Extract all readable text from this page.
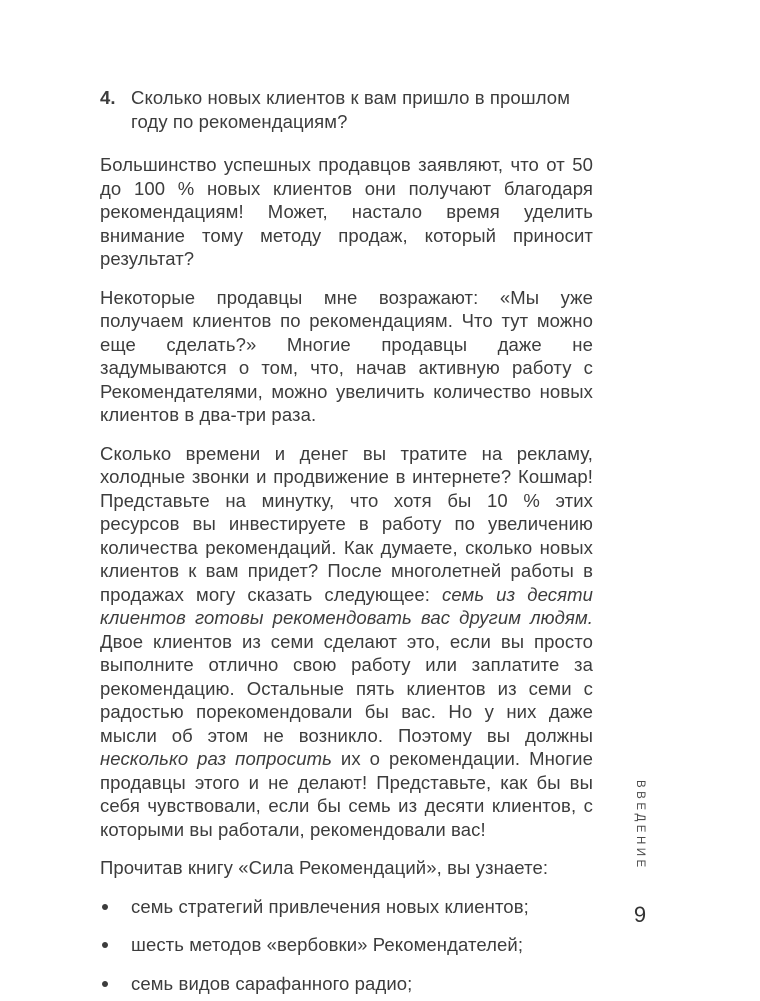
4. Сколько новых клиентов к вам пришло в прошлом году по рекомендациям?

Большинство успешных продавцов заявляют, что от 50 до 100 % новых клиентов они получают благодаря рекомендациям! Может, настало время уделить внимание тому методу продаж, который приносит результат?

Некоторые продавцы мне возражают: «Мы уже получаем клиентов по рекомендациям. Что тут можно еще сделать?» Многие продавцы даже не задумываются о том, что, начав активную работу с Рекомендателями, можно увеличить количество новых клиентов в два-три раза.

Сколько времени и денег вы тратите на рекламу, холодные звонки и продвижение в интернете? Кошмар! Представьте на минутку, что хотя бы 10 % этих ресурсов вы инвестируете в работу по увеличению количества рекомендаций. Как думаете, сколько новых клиентов к вам придет? После многолетней работы в продажах могу сказать следующее: семь из десяти клиентов готовы рекомендовать вас другим людям. Двое клиентов из семи сделают это, если вы просто выполните отлично свою работу или заплатите за рекомендацию. Остальные пять клиентов из семи с радостью порекомендовали бы вас. Но у них даже мысли об этом не возникло. Поэтому вы должны несколько раз попросить их о рекомендации. Многие продавцы этого и не делают! Представьте, как бы вы себя чувствовали, если бы семь из десяти клиентов, с которыми вы работали, рекомендовали вас!

Прочитав книгу «Сила Рекомендаций», вы узнаете:

семь стратегий привлечения новых клиентов;
шесть методов «вербовки» Рекомендателей;
семь видов сарафанного радио;
ВВЕДЕНИЕ
9
